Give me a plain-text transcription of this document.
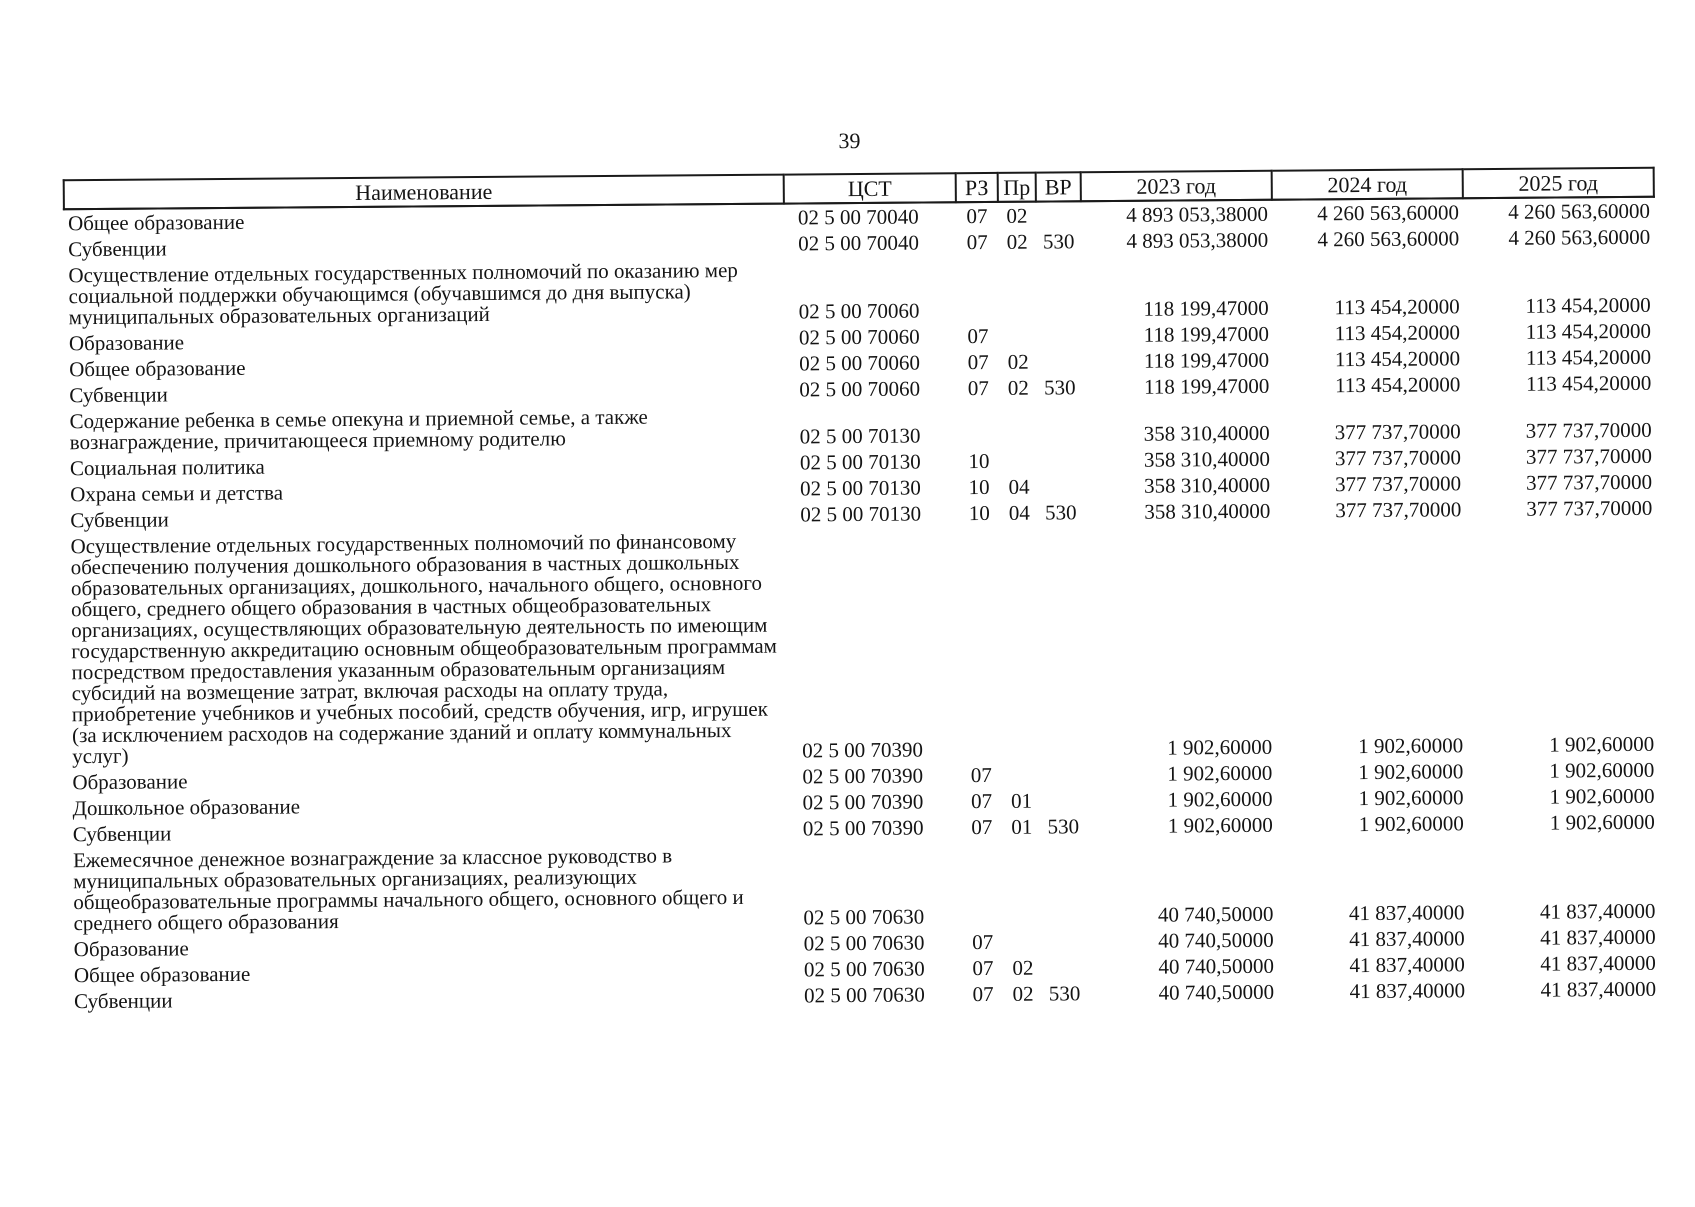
39
Наименование	ЦСТ	РЗ	Пр	ВР	2023 год	2024 год	2025 год
Общее образование	02 5 00 70040	07	02		4 893 053,38000	4 260 563,60000	4 260 563,60000
Субвенции	02 5 00 70040	07	02	530	4 893 053,38000	4 260 563,60000	4 260 563,60000
Осуществление отдельных государственных полномочий по оказанию мер социальной поддержки обучающимся (обучавшимся до дня выпуска) муниципальных образовательных организаций	02 5 00 70060				118 199,47000	113 454,20000	113 454,20000
Образование	02 5 00 70060	07			118 199,47000	113 454,20000	113 454,20000
Общее образование	02 5 00 70060	07	02		118 199,47000	113 454,20000	113 454,20000
Субвенции	02 5 00 70060	07	02	530	118 199,47000	113 454,20000	113 454,20000
Содержание ребенка в семье опекуна и приемной семье, а также вознаграждение, причитающееся приемному родителю	02 5 00 70130				358 310,40000	377 737,70000	377 737,70000
Социальная политика	02 5 00 70130	10			358 310,40000	377 737,70000	377 737,70000
Охрана семьи и детства	02 5 00 70130	10	04		358 310,40000	377 737,70000	377 737,70000
Субвенции	02 5 00 70130	10	04	530	358 310,40000	377 737,70000	377 737,70000
Осуществление отдельных государственных полномочий по финансовому обеспечению получения дошкольного образования в частных дошкольных образовательных организациях, дошкольного, начального общего, основного общего, среднего общего образования в частных общеобразовательных организациях, осуществляющих образовательную деятельность по имеющим государственную аккредитацию основным общеобразовательным программам посредством предоставления указанным образовательным организациям субсидий на возмещение затрат, включая расходы на оплату труда, приобретение учебников и учебных пособий, средств обучения, игр, игрушек (за исключением расходов на содержание зданий и оплату коммунальных услуг)	02 5 00 70390				1 902,60000	1 902,60000	1 902,60000
Образование	02 5 00 70390	07			1 902,60000	1 902,60000	1 902,60000
Дошкольное образование	02 5 00 70390	07	01		1 902,60000	1 902,60000	1 902,60000
Субвенции	02 5 00 70390	07	01	530	1 902,60000	1 902,60000	1 902,60000
Ежемесячное денежное вознаграждение за классное руководство в муниципальных образовательных организациях, реализующих общеобразовательные программы начального общего, основного общего и среднего общего образования	02 5 00 70630				40 740,50000	41 837,40000	41 837,40000
Образование	02 5 00 70630	07			40 740,50000	41 837,40000	41 837,40000
Общее образование	02 5 00 70630	07	02		40 740,50000	41 837,40000	41 837,40000
Субвенции	02 5 00 70630	07	02	530	40 740,50000	41 837,40000	41 837,40000
